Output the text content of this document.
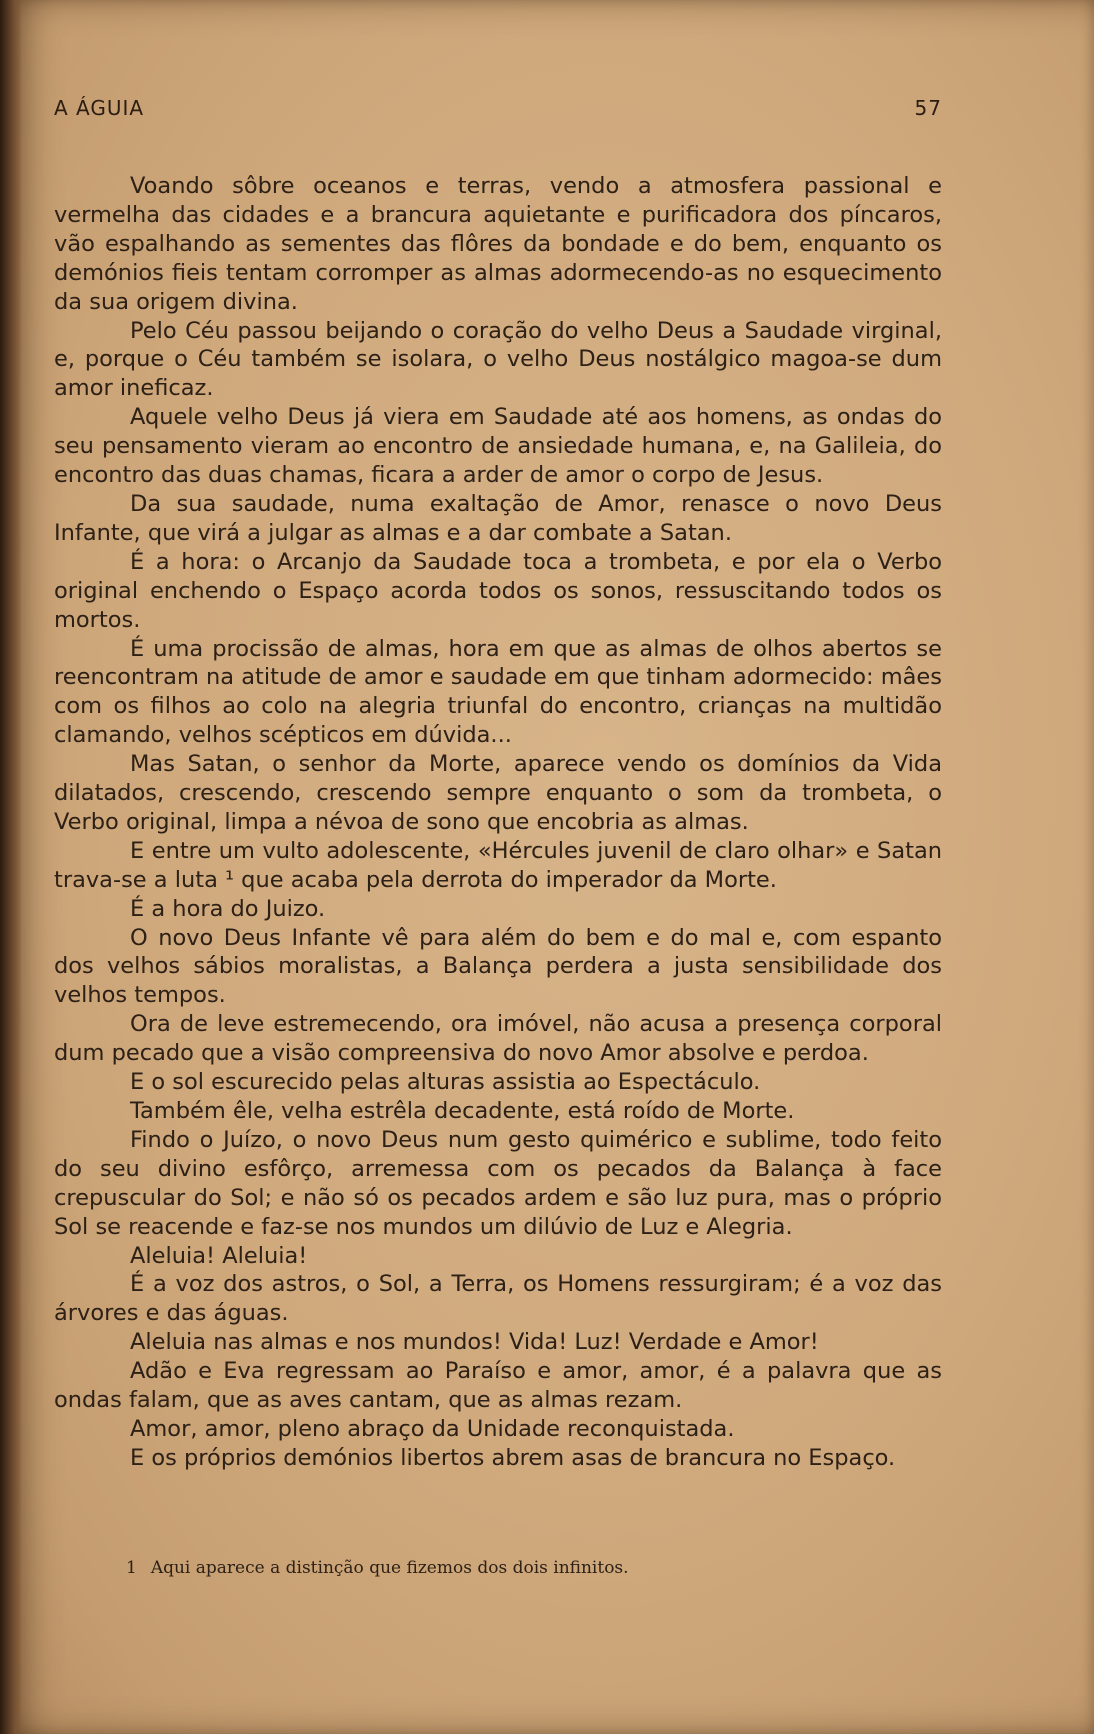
A ÁGUIA	57

Voando sôbre oceanos e terras, vendo a atmosfera passional e vermelha das cidades e a brancura aquietante e purificadora dos píncaros, vão espalhando as sementes das flôres da bondade e do bem, enquanto os demónios fieis tentam corromper as almas adormecendo-as no esquecimento da sua origem divina.

Pelo Céu passou beijando o coração do velho Deus a Saudade virginal, e, porque o Céu também se isolara, o velho Deus nostálgico magoa-se dum amor ineficaz.

Aquele velho Deus já viera em Saudade até aos homens, as ondas do seu pensamento vieram ao encontro de ansiedade humana, e, na Galileia, do encontro das duas chamas, ficara a arder de amor o corpo de Jesus.

Da sua saudade, numa exaltação de Amor, renasce o novo Deus Infante, que virá a julgar as almas e a dar combate a Satan.

É a hora: o Arcanjo da Saudade toca a trombeta, e por ela o Verbo original enchendo o Espaço acorda todos os sonos, ressuscitando todos os mortos.

É uma procissão de almas, hora em que as almas de olhos abertos se reencontram na atitude de amor e saudade em que tinham adormecido: mâes com os filhos ao colo na alegria triunfal do encontro, crianças na multidão clamando, velhos scépticos em dúvida...

Mas Satan, o senhor da Morte, aparece vendo os domínios da Vida dilatados, crescendo, crescendo sempre enquanto o som da trombeta, o Verbo original, limpa a névoa de sono que encobria as almas.

E entre um vulto adolescente, «Hércules juvenil de claro olhar» e Satan trava-se a luta ¹ que acaba pela derrota do imperador da Morte.

É a hora do Juizo.

O novo Deus Infante vê para além do bem e do mal e, com espanto dos velhos sábios moralistas, a Balança perdera a justa sensibilidade dos velhos tempos.

Ora de leve estremecendo, ora imóvel, não acusa a presença corporal dum pecado que a visão compreensiva do novo Amor absolve e perdoa.

E o sol escurecido pelas alturas assistia ao Espectáculo.

Também êle, velha estrêla decadente, está roído de Morte.

Findo o Juízo, o novo Deus num gesto quimérico e sublime, todo feito do seu divino esfôrço, arremessa com os pecados da Balança à face crepuscular do Sol; e não só os pecados ardem e são luz pura, mas o próprio Sol se reacende e faz-se nos mundos um dilúvio de Luz e Alegria.

Aleluia! Aleluia!

É a voz dos astros, o Sol, a Terra, os Homens ressurgiram; é a voz das árvores e das águas.

Aleluia nas almas e nos mundos! Vida! Luz! Verdade e Amor!

Adão e Eva regressam ao Paraíso e amor, amor, é a palavra que as ondas falam, que as aves cantam, que as almas rezam.

Amor, amor, pleno abraço da Unidade reconquistada.

E os próprios demónios libertos abrem asas de brancura no Espaço.

1 Aqui aparece a distinção que fizemos dos dois infinitos.
